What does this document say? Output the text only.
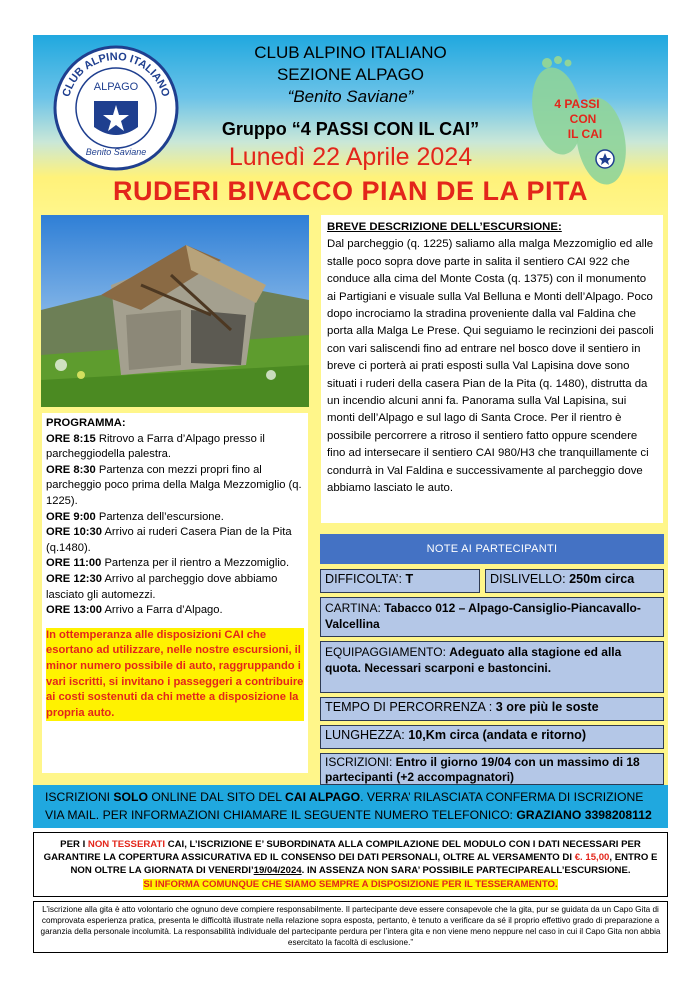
CLUB ALPINO ITALIANO
ALPAGO
Benito Saviane
CLUB ALPINO ITALIANO
SEZIONE ALPAGO
“Benito Saviane”
Gruppo “4 PASSI CON IL CAI”
Lunedì 22 Aprile 2024
RUDERI BIVACCO PIAN DE LA PITA
4 PASSI
CON
IL CAI
PROGRAMMA:
ORE 8:15 Ritrovo a Farra d’Alpago presso il parcheggiodella palestra.
ORE 8:30 Partenza con mezzi propri fino al parcheggio poco prima della Malga Mezzomiglio (q. 1225).
ORE 9:00 Partenza dell’escursione.
ORE 10:30 Arrivo ai ruderi Casera Pian de la Pita (q.1480).
ORE 11:00 Partenza per il rientro a Mezzomiglio.
ORE 12:30 Arrivo al parcheggio dove abbiamo lasciato gli automezzi.
ORE 13:00 Arrivo a Farra d’Alpago.
In ottemperanza alle disposizioni CAI che esortano ad utilizzare, nelle nostre escursioni, il minor numero possibile di auto, raggruppando i vari iscritti, si invitano i passeggeri a contribuire ai costi sostenuti da chi mette a disposizione la propria auto.
BREVE DESCRIZIONE DELL’ESCURSIONE:
Dal parcheggio (q. 1225) saliamo alla malga Mezzomiglio ed alle stalle poco sopra dove parte in salita il sentiero CAI 922 che conduce alla cima del Monte Costa (q. 1375) con il monumento ai Partigiani e visuale sulla Val Belluna e Monti dell’Alpago. Poco dopo incrociamo la stradina proveniente dalla val Faldina che porta alla Malga Le Prese. Qui seguiamo le recinzioni dei pascoli con vari saliscendi fino ad entrare nel bosco dove il sentiero in breve ci porterà ai prati esposti sulla Val Lapisina dove sono situati i ruderi della casera Pian de la Pita (q. 1480), distrutta da un incendio alcuni anni fa. Panorama sulla Val Lapisina, sui monti dell’Alpago e sul lago di Santa Croce. Per il rientro è possibile percorrere a ritroso il sentiero fatto oppure scendere fino ad intersecare il sentiero CAI 980/H3 che tranquillamente ci condurrà in Val Faldina e successivamente al parcheggio dove abbiamo lasciato le auto.
NOTE AI PARTECIPANTI
DIFFICOLTA’: T	DISLIVELLO: 250m circa
CARTINA: Tabacco 012 – Alpago-Cansiglio-Piancavallo-Valcellina
EQUIPAGGIAMENTO: Adeguato alla stagione ed alla quota. Necessari scarponi e bastoncini.
TEMPO DI PERCORRENZA : 3 ore più le soste
LUNGHEZZA: 10,Km circa (andata e ritorno)
ISCRIZIONI: Entro il giorno 19/04 con un massimo di 18 partecipanti (+2 accompagnatori)
ISCRIZIONI SOLO ONLINE DAL SITO DEL CAI ALPAGO. VERRA’ RILASCIATA CONFERMA DI ISCRIZIONE VIA MAIL. PER INFORMAZIONI CHIAMARE IL SEGUENTE NUMERO TELEFONICO: GRAZIANO 3398208112
PER I NON TESSERATI CAI, L’ISCRIZIONE E’ SUBORDINATA ALLA COMPILAZIONE DEL MODULO CON I DATI NECESSARI PER GARANTIRE LA COPERTURA ASSICURATIVA ED IL CONSENSO DEI DATI PERSONALI, OLTRE AL VERSAMENTO DI €. 15,00, ENTRO E NON OLTRE LA GIORNATA DI VENERDI’19/04/2024. IN ASSENZA NON SARA’ POSSIBILE PARTECIPAREALL’ESCURSIONE.
SI INFORMA COMUNQUE CHE SIAMO SEMPRE A DISPOSIZIONE PER IL TESSERAMENTO.
L’iscrizione alla gita è atto volontario che ognuno deve compiere responsabilmente. Il partecipante deve essere consapevole che la gita, pur se guidata da un Capo Gita di comprovata esperienza pratica, presenta le difficoltà illustrate nella relazione sopra esposta, pertanto, è tenuto a verificare da sé il proprio effettivo grado di preparazione a garanzia della personale incolumità. La responsabilità individuale del partecipante perdura per l’intera gita e non viene meno neppure nel caso in cui il Capo Gita non abbia esercitato la facoltà di esclusione.”
